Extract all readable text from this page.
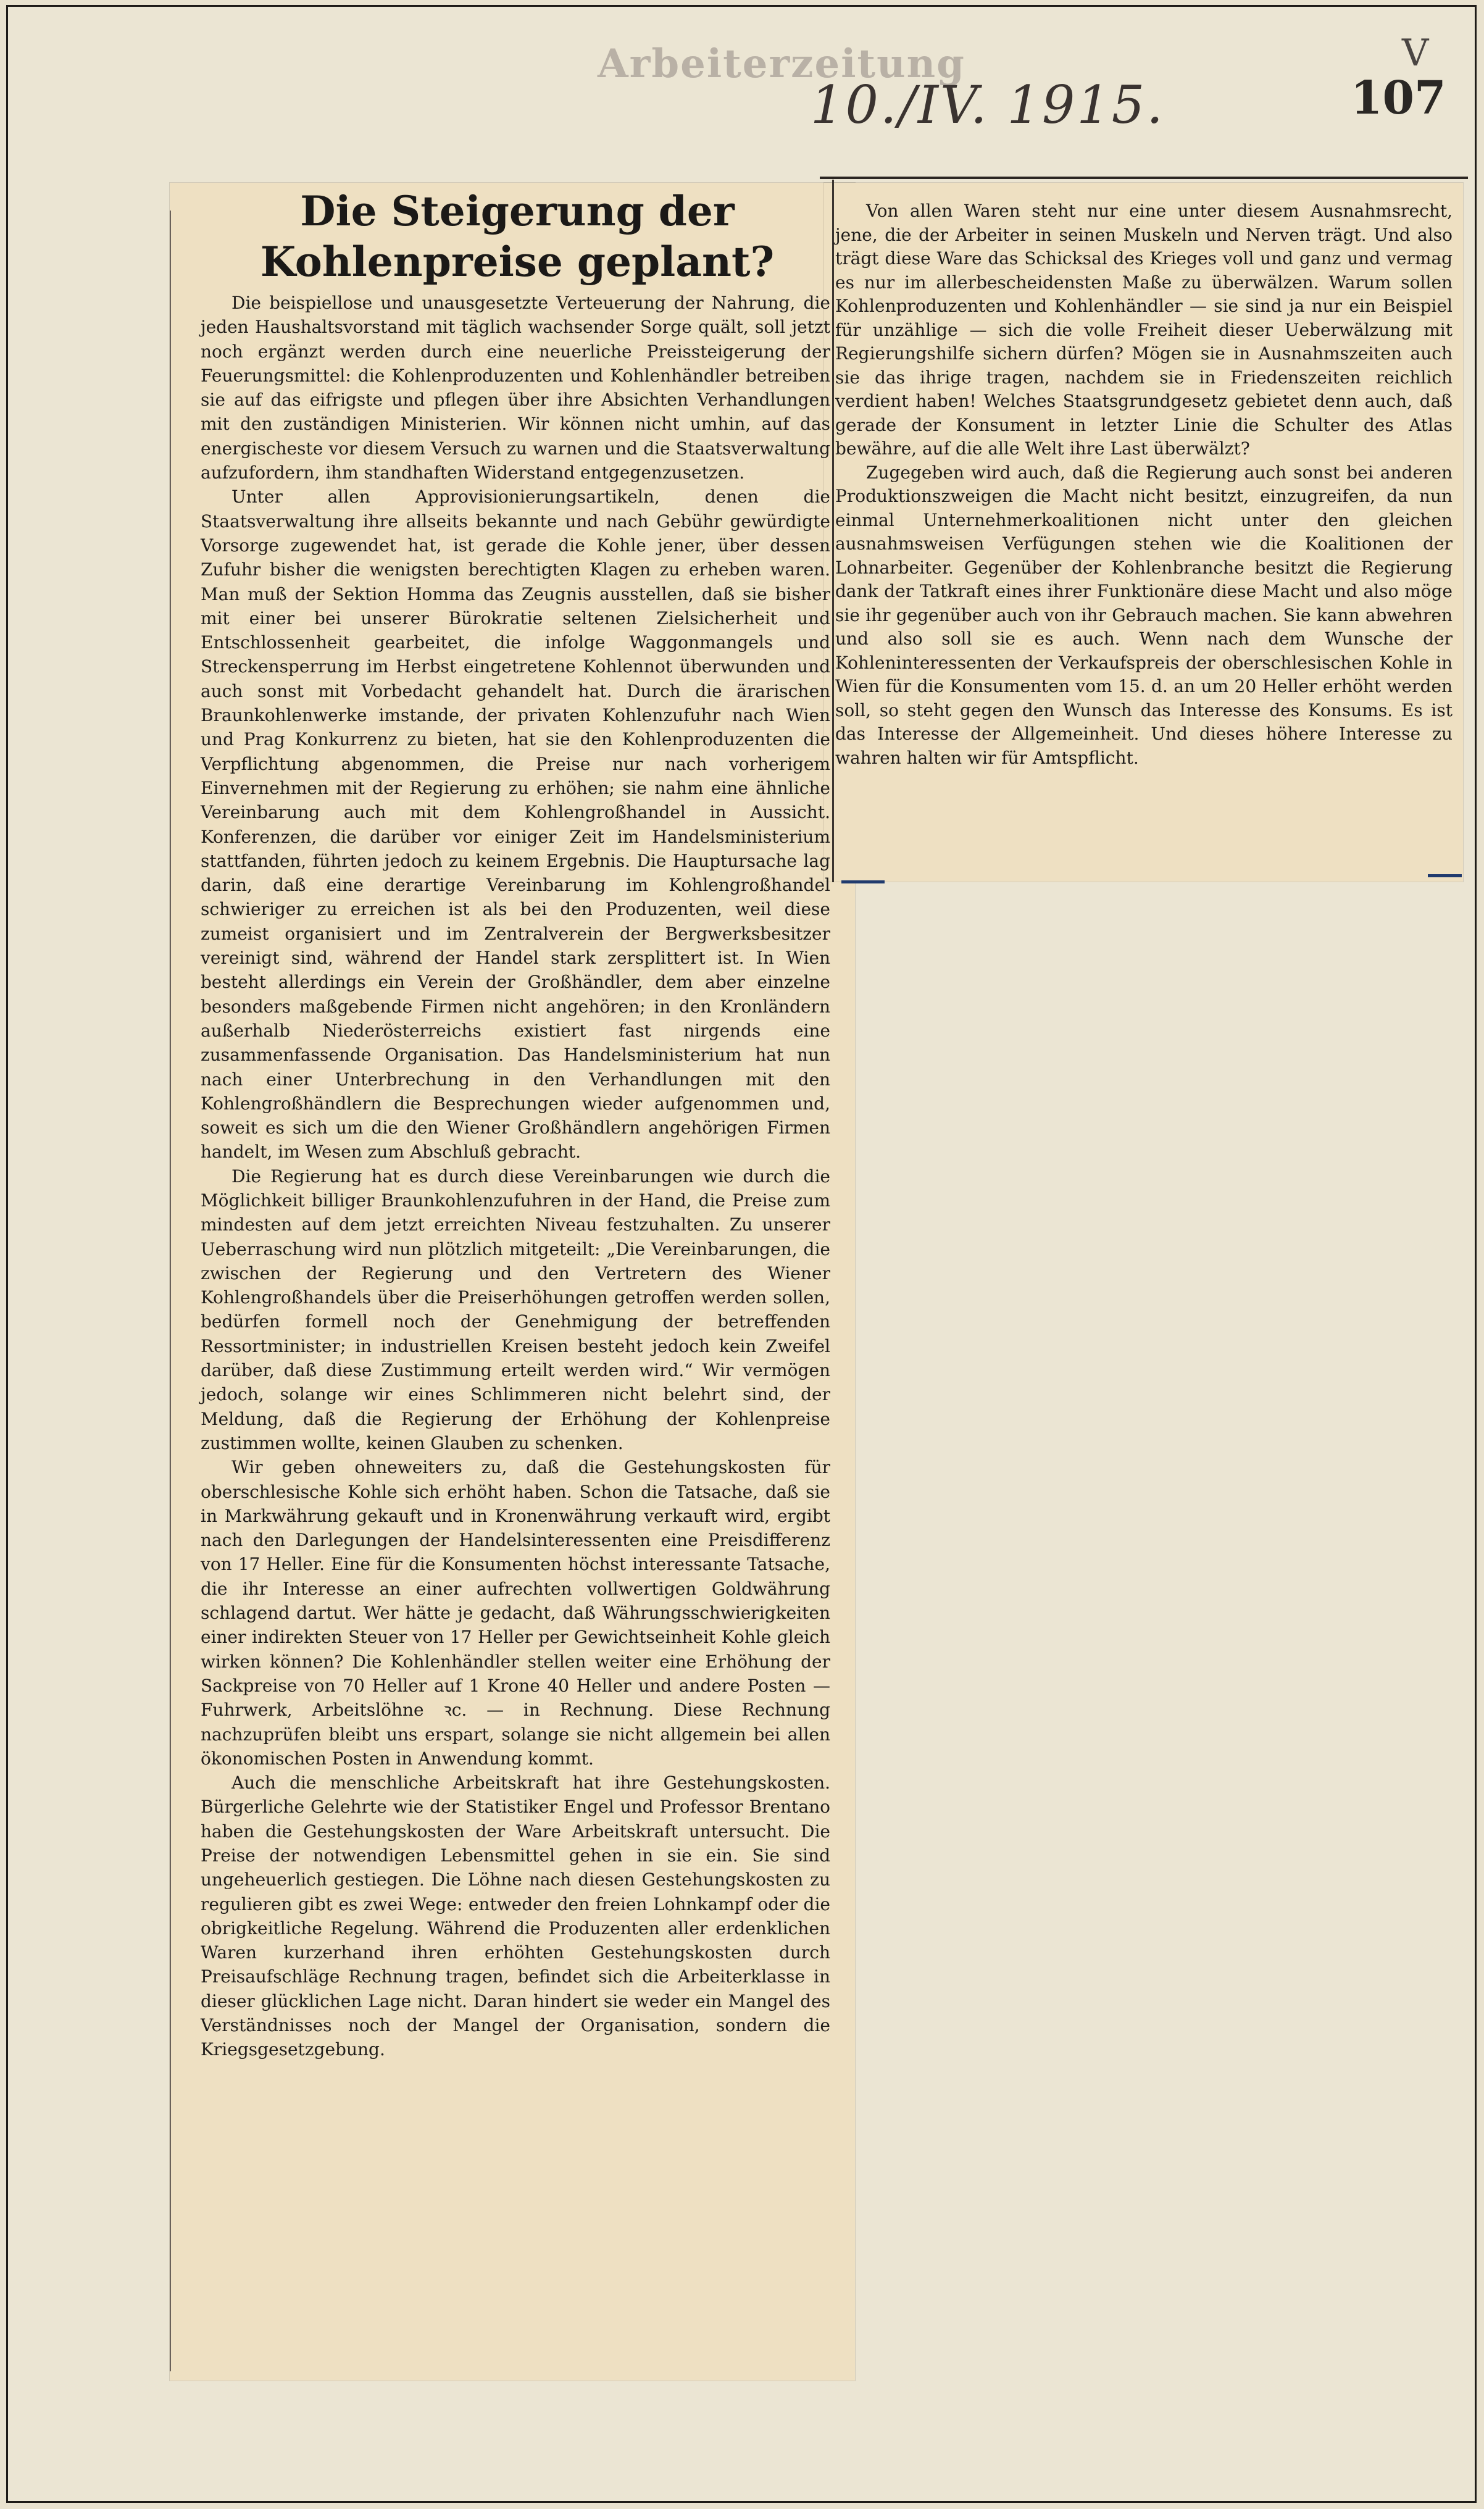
Arbeiterzeitung
10./IV. 1915.	107
V
Die Steigerung der Kohlenpreise geplant?

Die beispiellose und unausgesetzte Verteuerung der Nahrung, die jeden Haushaltsvorstand mit täglich wachsender Sorge quält, soll jetzt noch ergänzt werden durch eine neuerliche Preissteigerung der Feuerungsmittel: die Kohlenproduzenten und Kohlenhändler betreiben sie auf das eifrigste und pflegen über ihre Absichten Verhandlungen mit den zuständigen Ministerien. Wir können nicht umhin, auf das energischeste vor diesem Versuch zu warnen und die Staatsverwaltung aufzufordern, ihm standhaften Widerstand entgegenzusetzen.

Unter allen Approvisionierungsartikeln, denen die Staatsverwaltung ihre allseits bekannte und nach Gebühr gewürdigte Vorsorge zugewendet hat, ist gerade die Kohle jener, über dessen Zufuhr bisher die wenigsten berechtigten Klagen zu erheben waren. Man muß der Sektion Homma das Zeugnis ausstellen, daß sie bisher mit einer bei unserer Bürokratie seltenen Zielsicherheit und Entschlossenheit gearbeitet, die infolge Waggonmangels und Streckensperrung im Herbst eingetretene Kohlennot überwunden und auch sonst mit Vorbedacht gehandelt hat. Durch die ärarischen Braunkohlenwerke imstande, der privaten Kohlenzufuhr nach Wien und Prag Konkurrenz zu bieten, hat sie den Kohlenproduzenten die Verpflichtung abgenommen, die Preise nur nach vorherigem Einvernehmen mit der Regierung zu erhöhen; sie nahm eine ähnliche Vereinbarung auch mit dem Kohlengroßhandel in Aussicht. Konferenzen, die darüber vor einiger Zeit im Handelsministerium stattfanden, führten jedoch zu keinem Ergebnis. Die Hauptursache lag darin, daß eine derartige Vereinbarung im Kohlengroßhandel schwieriger zu erreichen ist als bei den Produzenten, weil diese zumeist organisiert und im Zentralverein der Bergwerksbesitzer vereinigt sind, während der Handel stark zersplittert ist. In Wien besteht allerdings ein Verein der Großhändler, dem aber einzelne besonders maßgebende Firmen nicht angehören; in den Kronländern außerhalb Niederösterreichs existiert fast nirgends eine zusammenfassende Organisation. Das Handelsministerium hat nun nach einer Unterbrechung in den Verhandlungen mit den Kohlengroßhändlern die Besprechungen wieder aufgenommen und, soweit es sich um die den Wiener Großhändlern angehörigen Firmen handelt, im Wesen zum Abschluß gebracht.

Die Regierung hat es durch diese Vereinbarungen wie durch die Möglichkeit billiger Braunkohlenzufuhren in der Hand, die Preise zum mindesten auf dem jetzt erreichten Niveau festzuhalten. Zu unserer Ueberraschung wird nun plötzlich mitgeteilt: „Die Vereinbarungen, die zwischen der Regierung und den Vertretern des Wiener Kohlengroßhandels über die Preiserhöhungen getroffen werden sollen, bedürfen formell noch der Genehmigung der betreffenden Ressortminister; in industriellen Kreisen besteht jedoch kein Zweifel darüber, daß diese Zustimmung erteilt werden wird.“ Wir vermögen jedoch, solange wir eines Schlimmeren nicht belehrt sind, der Meldung, daß die Regierung der Erhöhung der Kohlenpreise zustimmen wollte, keinen Glauben zu schenken.

Wir geben ohneweiters zu, daß die Gestehungskosten für oberschlesische Kohle sich erhöht haben. Schon die Tatsache, daß sie in Markwährung gekauft und in Kronenwährung verkauft wird, ergibt nach den Darlegungen der Handelsinteressenten eine Preisdifferenz von 17 Heller. Eine für die Konsumenten höchst interessante Tatsache, die ihr Interesse an einer aufrechten vollwertigen Goldwährung schlagend dartut. Wer hätte je gedacht, daß Währungsschwierigkeiten einer indirekten Steuer von 17 Heller per Gewichtseinheit Kohle gleich wirken können? Die Kohlenhändler stellen weiter eine Erhöhung der Sackpreise von 70 Heller auf 1 Krone 40 Heller und andere Posten — Fuhrwerk, Arbeitslöhne ꝛc. — in Rechnung. Diese Rechnung nachzuprüfen bleibt uns erspart, solange sie nicht allgemein bei allen ökonomischen Posten in Anwendung kommt.

Auch die menschliche Arbeitskraft hat ihre Gestehungskosten. Bürgerliche Gelehrte wie der Statistiker Engel und Professor Brentano haben die Gestehungskosten der Ware Arbeitskraft untersucht. Die Preise der notwendigen Lebensmittel gehen in sie ein. Sie sind ungeheuerlich gestiegen. Die Löhne nach diesen Gestehungskosten zu regulieren gibt es zwei Wege: entweder den freien Lohnkampf oder die obrigkeitliche Regelung. Während die Produzenten aller erdenklichen Waren kurzerhand ihren erhöhten Gestehungskosten durch Preisaufschläge Rechnung tragen, befindet sich die Arbeiterklasse in dieser glücklichen Lage nicht. Daran hindert sie weder ein Mangel des Verständnisses noch der Mangel der Organisation, sondern die Kriegsgesetzgebung.

Von allen Waren steht nur eine unter diesem Ausnahmsrecht, jene, die der Arbeiter in seinen Muskeln und Nerven trägt. Und also trägt diese Ware das Schicksal des Krieges voll und ganz und vermag es nur im allerbescheidensten Maße zu überwälzen. Warum sollen Kohlenproduzenten und Kohlenhändler — sie sind ja nur ein Beispiel für unzählige — sich die volle Freiheit dieser Ueberwälzung mit Regierungshilfe sichern dürfen? Mögen sie in Ausnahmszeiten auch sie das ihrige tragen, nachdem sie in Friedenszeiten reichlich verdient haben! Welches Staatsgrundgesetz gebietet denn auch, daß gerade der Konsument in letzter Linie die Schulter des Atlas bewähre, auf die alle Welt ihre Last überwälzt?

Zugegeben wird auch, daß die Regierung auch sonst bei anderen Produktionszweigen die Macht nicht besitzt, einzugreifen, da nun einmal Unternehmerkoalitionen nicht unter den gleichen ausnahmsweisen Verfügungen stehen wie die Koalitionen der Lohnarbeiter. Gegenüber der Kohlenbranche besitzt die Regierung dank der Tatkraft eines ihrer Funktionäre diese Macht und also möge sie ihr gegenüber auch von ihr Gebrauch machen. Sie kann abwehren und also soll sie es auch. Wenn nach dem Wunsche der Kohleninteressenten der Verkaufspreis der oberschlesischen Kohle in Wien für die Konsumenten vom 15. d. an um 20 Heller erhöht werden soll, so steht gegen den Wunsch das Interesse des Konsums. Es ist das Interesse der Allgemeinheit. Und dieses höhere Interesse zu wahren halten wir für Amtspflicht.
